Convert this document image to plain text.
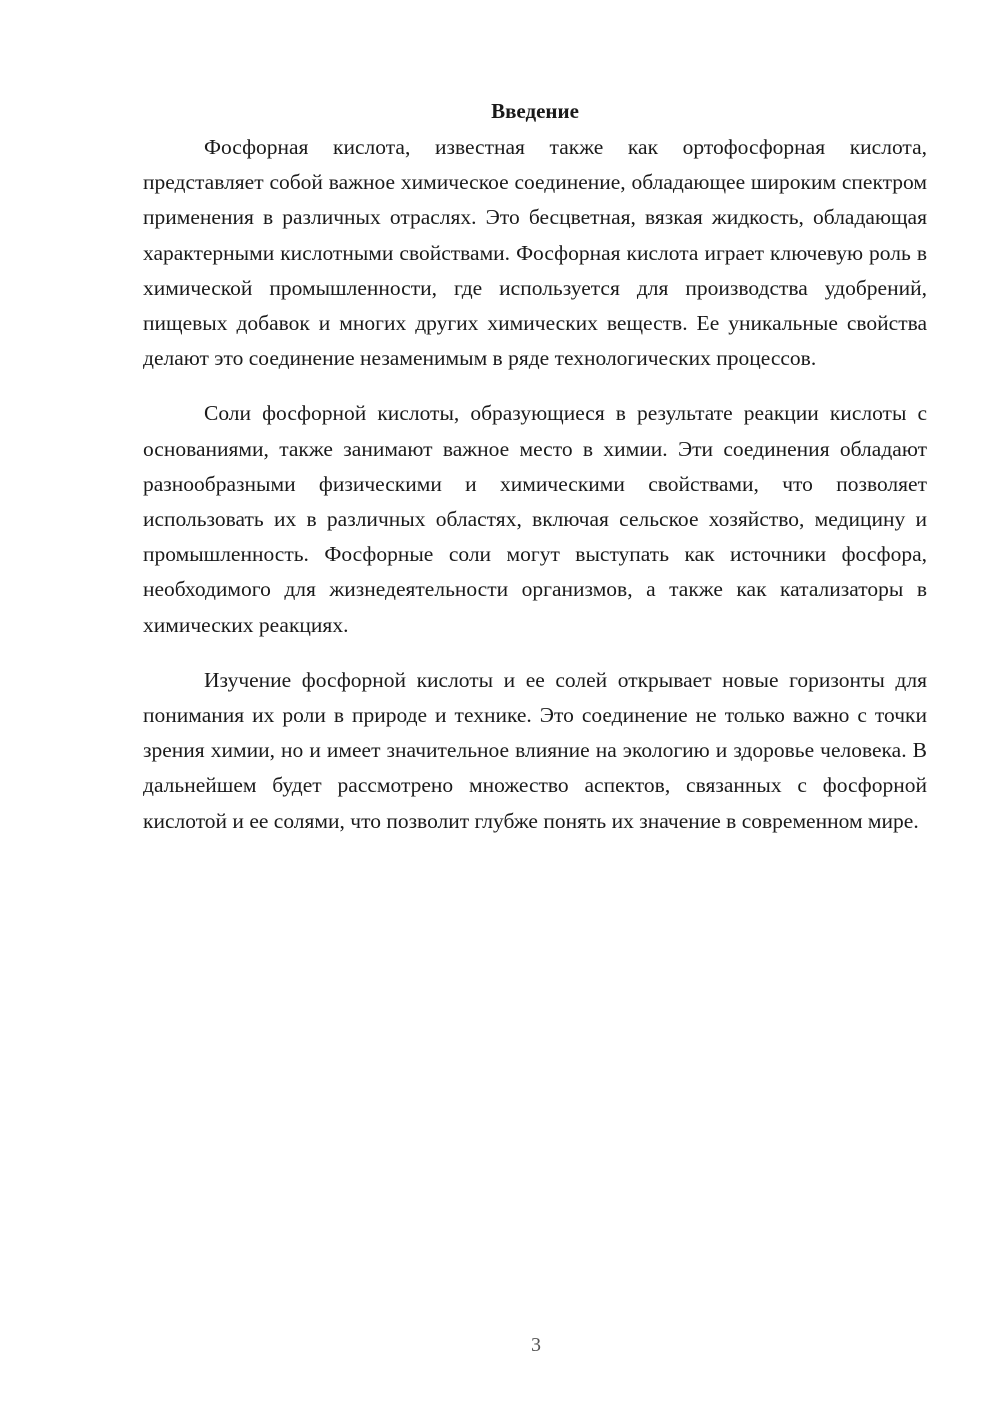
Введение

Фосфорная кислота, известная также как ортофосфорная кислота, представляет собой важное химическое соединение, обладающее широким спектром применения в различных отраслях. Это бесцветная, вязкая жидкость, обладающая характерными кислотными свойствами. Фосфорная кислота играет ключевую роль в химической промышленности, где используется для производства удобрений, пищевых добавок и многих других химических веществ. Ее уникальные свойства делают это соединение незаменимым в ряде технологических процессов.

Соли фосфорной кислоты, образующиеся в результате реакции кислоты с основаниями, также занимают важное место в химии. Эти соединения обладают разнообразными физическими и химическими свойствами, что позволяет использовать их в различных областях, включая сельское хозяйство, медицину и промышленность. Фосфорные соли могут выступать как источники фосфора, необходимого для жизнедеятельности организмов, а также как катализаторы в химических реакциях.

Изучение фосфорной кислоты и ее солей открывает новые горизонты для понимания их роли в природе и технике. Это соединение не только важно с точки зрения химии, но и имеет значительное влияние на экологию и здоровье человека. В дальнейшем будет рассмотрено множество аспектов, связанных с фосфорной кислотой и ее солями, что позволит глубже понять их значение в современном мире.

3
